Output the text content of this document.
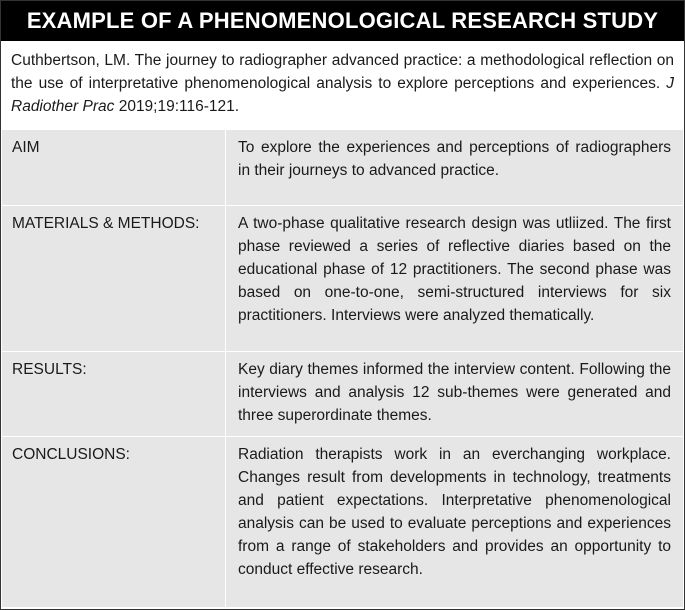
EXAMPLE OF A PHENOMENOLOGICAL RESEARCH STUDY
Cuthbertson, LM. The journey to radiographer advanced practice: a methodological reflection on the use of interpretative phenomenological analysis to explore perceptions and experiences. J Radiother Prac 2019;19:116-121.
AIM	To explore the experiences and perceptions of radiographers in their journeys to advanced practice.

MATERIALS & METHODS:	A two-phase qualitative research design was utliized. The first phase reviewed a series of reflective diaries based on the educational phase of 12 practitioners. The second phase was based on one-to-one, semi-structured interviews for six practitioners. Interviews were analyzed thematically.

RESULTS:	Key diary themes informed the interview content. Following the interviews and analysis 12 sub-themes were generated and three superordinate themes.

CONCLUSIONS:	Radiation therapists work in an everchanging workplace. Changes result from developments in technology, treatments and patient expectations. Interpretative phenomenological analysis can be used to evaluate perceptions and experiences from a range of stakeholders and provides an opportunity to conduct effective research.
